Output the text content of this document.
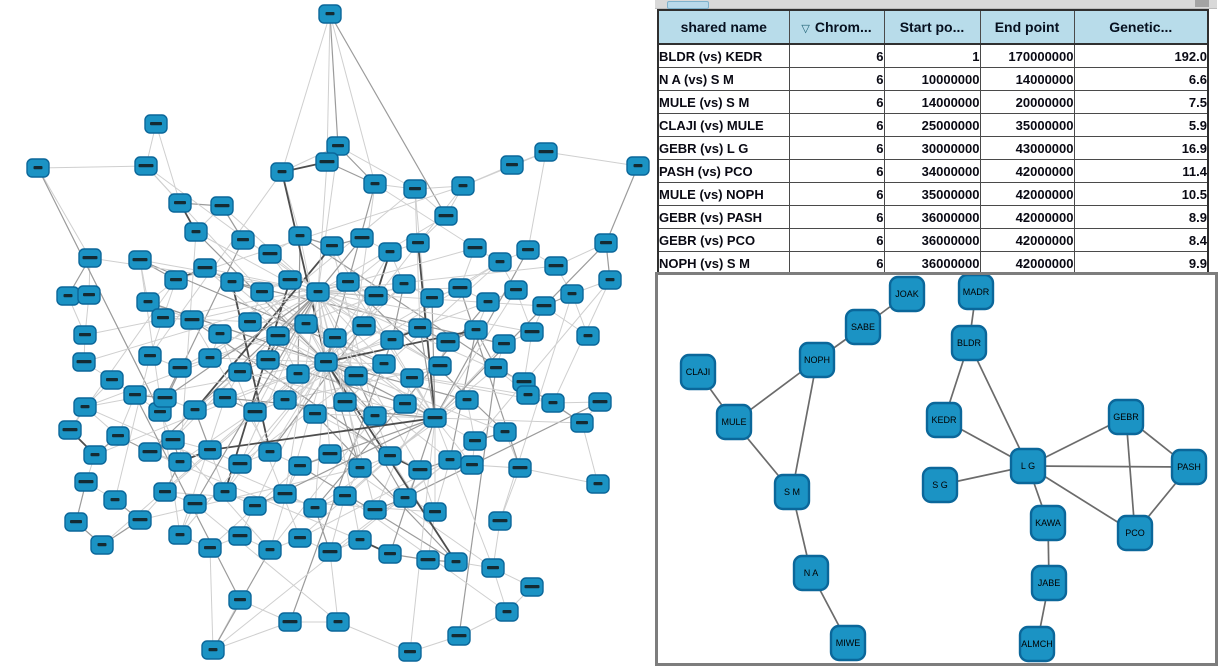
shared name	▽ Chrom...	Start po...	End point	Genetic...
BLDR (vs) KEDR	6	1	170000000	192.0
N A (vs) S M	6	10000000	14000000	6.6
MULE (vs) S M	6	14000000	20000000	7.5
CLAJI (vs) MULE	6	25000000	35000000	5.9
GEBR (vs) L G	6	30000000	43000000	16.9
PASH (vs) PCO	6	34000000	42000000	11.4
MULE (vs) NOPH	6	35000000	42000000	10.5
GEBR (vs) PASH	6	36000000	42000000	8.9
GEBR (vs) PCO	6	36000000	42000000	8.4
NOPH (vs) S M	6	36000000	42000000	9.9
JOAK
SABE
NOPH
CLAJI
MULE
MADR
BLDR
KEDR	GEBR
L G	PASH
S G
S M
KAWA
PCO
N A
JABE
ALMCH
MIWE
